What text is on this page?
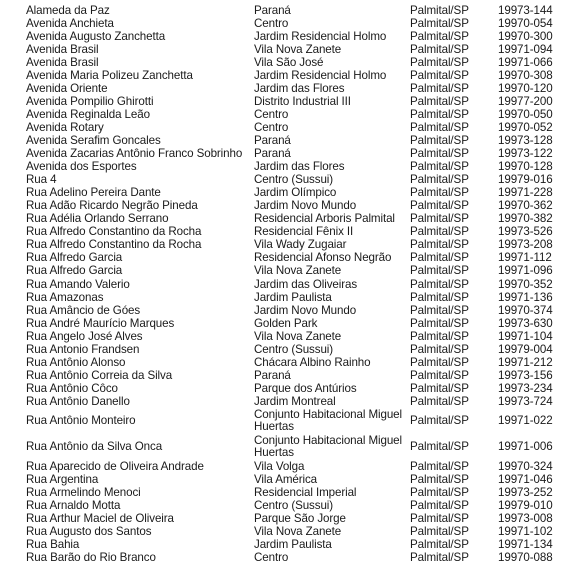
Alameda da Paz	Paraná	Palmital/SP	19973-144
Avenida Anchieta	Centro	Palmital/SP	19970-054
Avenida Augusto Zanchetta	Jardim Residencial Holmo	Palmital/SP	19970-300
Avenida Brasil	Vila Nova Zanete	Palmital/SP	19971-094
Avenida Brasil	Vila São José	Palmital/SP	19971-066
Avenida Maria Polizeu Zanchetta	Jardim Residencial Holmo	Palmital/SP	19970-308
Avenida Oriente	Jardim das Flores	Palmital/SP	19970-120
Avenida Pompilio Ghirotti	Distrito Industrial III	Palmital/SP	19977-200
Avenida Reginalda Leão	Centro	Palmital/SP	19970-050
Avenida Rotary	Centro	Palmital/SP	19970-052
Avenida Serafim Goncales	Paraná	Palmital/SP	19973-128
Avenida Zacarias Antônio Franco Sobrinho	Paraná	Palmital/SP	19973-122
Avenida dos Esportes	Jardim das Flores	Palmital/SP	19970-128
Rua 4	Centro (Sussui)	Palmital/SP	19979-016
Rua Adelino Pereira Dante	Jardim Olímpico	Palmital/SP	19971-228
Rua Adão Ricardo Negrão Pineda	Jardim Novo Mundo	Palmital/SP	19970-362
Rua Adélia Orlando Serrano	Residencial Arboris Palmital	Palmital/SP	19970-382
Rua Alfredo Constantino da Rocha	Residencial Fênix II	Palmital/SP	19973-526
Rua Alfredo Constantino da Rocha	Vila Wady Zugaiar	Palmital/SP	19973-208
Rua Alfredo Garcia	Residencial Afonso Negrão	Palmital/SP	19971-112
Rua Alfredo Garcia	Vila Nova Zanete	Palmital/SP	19971-096
Rua Amando Valerio	Jardim das Oliveiras	Palmital/SP	19970-352
Rua Amazonas	Jardim Paulista	Palmital/SP	19971-136
Rua Amâncio de Góes	Jardim Novo Mundo	Palmital/SP	19970-374
Rua André Maurício Marques	Golden Park	Palmital/SP	19973-630
Rua Angelo José Alves	Vila Nova Zanete	Palmital/SP	19971-104
Rua Antonio Frandsen	Centro (Sussui)	Palmital/SP	19979-004
Rua Antônio Alonso	Chácara Albino Rainho	Palmital/SP	19971-212
Rua Antônio Correia da Silva	Paraná	Palmital/SP	19973-156
Rua Antônio Côco	Parque dos Antúrios	Palmital/SP	19973-234
Rua Antônio Danello	Jardim Montreal	Palmital/SP	19973-724
Rua Antônio Monteiro	Conjunto Habitacional Miguel Huertas	Palmital/SP	19971-022
Rua Antônio da Silva Onca	Conjunto Habitacional Miguel Huertas	Palmital/SP	19971-006
Rua Aparecido de Oliveira Andrade	Vila Volga	Palmital/SP	19970-324
Rua Argentina	Vila América	Palmital/SP	19971-046
Rua Armelindo Menoci	Residencial Imperial	Palmital/SP	19973-252
Rua Arnaldo Motta	Centro (Sussui)	Palmital/SP	19979-010
Rua Arthur Maciel de Oliveira	Parque São Jorge	Palmital/SP	19973-008
Rua Augusto dos Santos	Vila Nova Zanete	Palmital/SP	19971-102
Rua Bahia	Jardim Paulista	Palmital/SP	19971-134
Rua Barão do Rio Branco	Centro	Palmital/SP	19970-088
